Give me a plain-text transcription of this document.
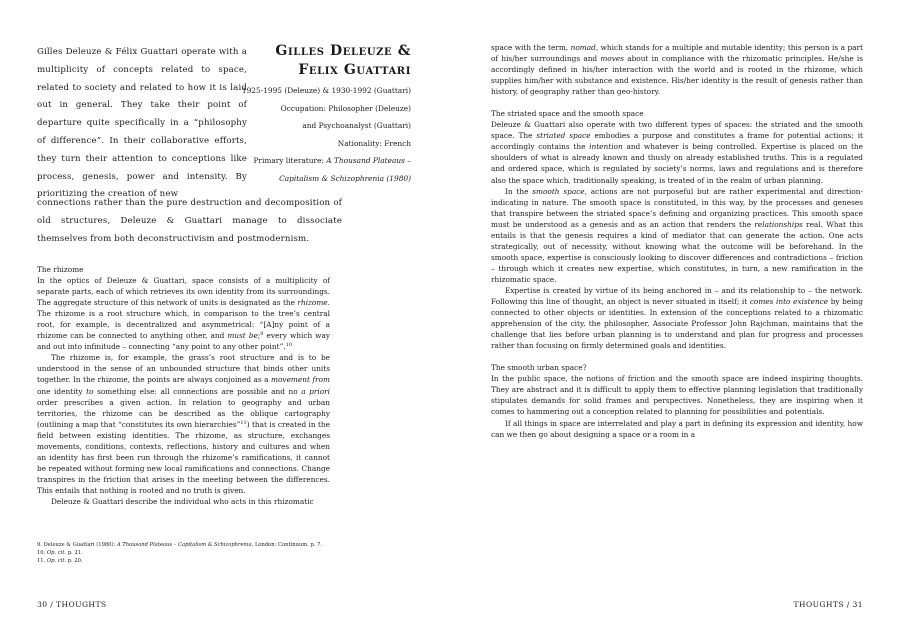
Gilles Deleuze & Félix Guattari operate with a multiplicity of concepts related to space, related to society and related to how it is laid out in general. They take their point of departure quite specifically in a “philosophy of difference”. In their collaborative efforts, they turn their attention to conceptions like process, genesis, power and intensity. By prioritizing the creation of new

Gilles Deleuze &

Felix Guattari

1925-1995 (Deleuze) & 1930-1992 (Guattari)
Occupation: Philosopher (Deleuze)
and Psychoanalyst (Guattari)
Nationality: French
Primary literature: A Thousand Plateaus –
Capitalism & Schizophrenia (1980)

connections rather than the pure destruction and decomposition of old structures, Deleuze & Guattari manage to dissociate themselves from both deconstructivism and postmodernism.

The rhizome

In the optics of Deleuze & Guattari, space consists of a multiplicity of separate parts, each of which retrieves its own identity from its surroundings. The aggregate structure of this network of units is designated as the rhizome. The rhizome is a root structure which, in comparison to the tree’s central root, for example, is decentralized and asymmetrical: “[A]ny point of a rhizome can be connected to anything other, and must be;$^9$ every which way and out into infinitude – connecting “any point to any other point”.$^{10}$

The rhizome is, for example, the grass’s root structure and is to be understood in the sense of an unbounded structure that binds other units together. In the rhizome, the points are always conjoined as a movement from one identity to something else: all connections are possible and no a priori order prescribes a given action. In relation to geography and urban territories, the rhizome can be described as the oblique cartography (outlining a map that “constitutes its own hierarchies”$^{11}$) that is created in the field between existing identities. The rhizome, as structure, exchanges movements, conditions, contexts, reflections, history and cultures and when an identity has first been run through the rhizome’s ramifications, it cannot be repeated without forming new local ramifications and connections. Change transpires in the friction that arises in the meeting between the differences. This entails that nothing is rooted and no truth is given.

Deleuze & Guattari describe the individual who acts in this rhizomatic

9. Deleuze & Guattari (1980): A Thousand Plateaus – Capitalism & Schizophrenia, London: Continuum. p. 7.

10. Op. cit. p. 21.

11. Op. cit. p. 20.

30 / THOUGHTS

space with the term, nomad, which stands for a multiple and mutable identity; this person is a part of his/her surroundings and moves about in compliance with the rhizomatic principles. He/she is accordingly defined in his/her interaction with the world and is rooted in the rhizome, which supplies him/her with substance and existence. His/her identity is the result of genesis rather than history, of geography rather than geo-history.

The striated space and the smooth space

Deleuze & Guattari also operate with two different types of spaces: the striated and the smooth space. The striated space embodies a purpose and constitutes a frame for potential actions; it accordingly contains the intention and whatever is being controlled. Expertise is placed on the shoulders of what is already known and thusly on already established truths. This is a regulated and ordered space, which is regulated by society’s norms, laws and regulations and is therefore also the space which, traditionally speaking, is treated of in the realm of urban planning.

In the smooth space, actions are not purposeful but are rather experimental and direction-indicating in nature. The smooth space is constituted, in this way, by the processes and geneses that transpire between the striated space’s defining and organizing practices. This smooth space must be understood as a genesis and as an action that renders the relationships real. What this entails is that the genesis requires a kind of mediator that can generate the action. One acts strategically, out of necessity, without knowing what the outcome will be beforehand. In the smooth space, expertise is consciously looking to discover differences and contradictions – friction – through which it creates new expertise, which constitutes, in turn, a new ramification in the rhizomatic space.

Expertise is created by virtue of its being anchored in – and its relationship to – the network. Following this line of thought, an object is never situated in itself; it comes into existence by being connected to other objects or identities. In extension of the conceptions related to a rhizomatic apprehension of the city, the philosopher, Associate Professor John Rajchman, maintains that the challenge that lies before urban planning is to understand and plan for progress and processes rather than focusing on firmly determined goals and identities.

The smooth urban space?

In the public space, the notions of friction and the smooth space are indeed inspiring thoughts. They are abstract and it is difficult to apply them to effective planning legislation that traditionally stipulates demands for solid frames and perspectives. Nonetheless, they are inspiring when it comes to hammering out a conception related to planning for possibilities and potentials.

If all things in space are interrelated and play a part in defining its expression and identity, how can we then go about designing a space or a room in a

THOUGHTS / 31
